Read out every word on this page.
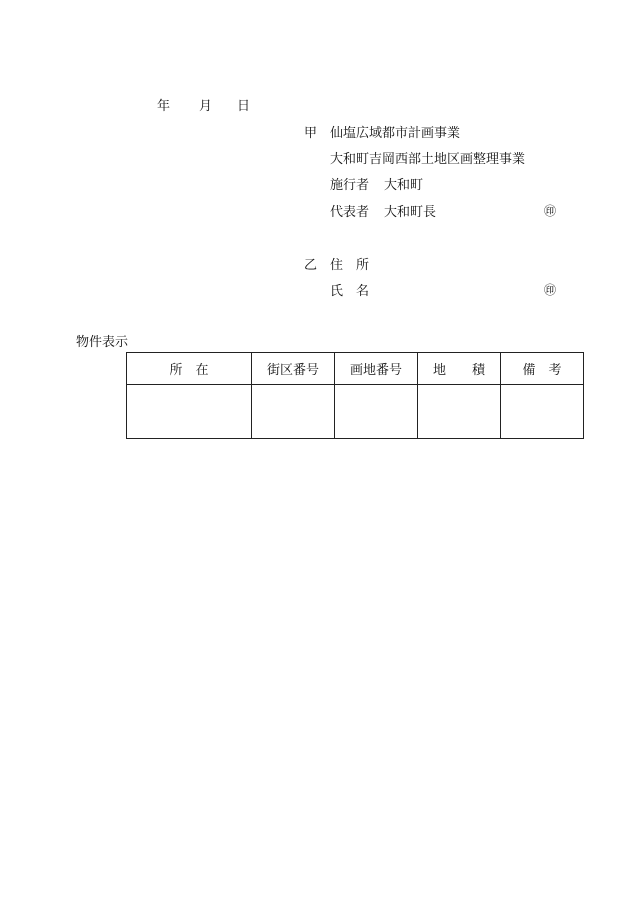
年 月 日
甲 仙塩広域都市計画事業
大和町吉岡西部土地区画整理事業
施行者 大和町
代表者 大和町長	㊞
乙 住　所
氏　名	㊞
物件表示
所　在	街区番号	画地番号	地　　積	備　考
